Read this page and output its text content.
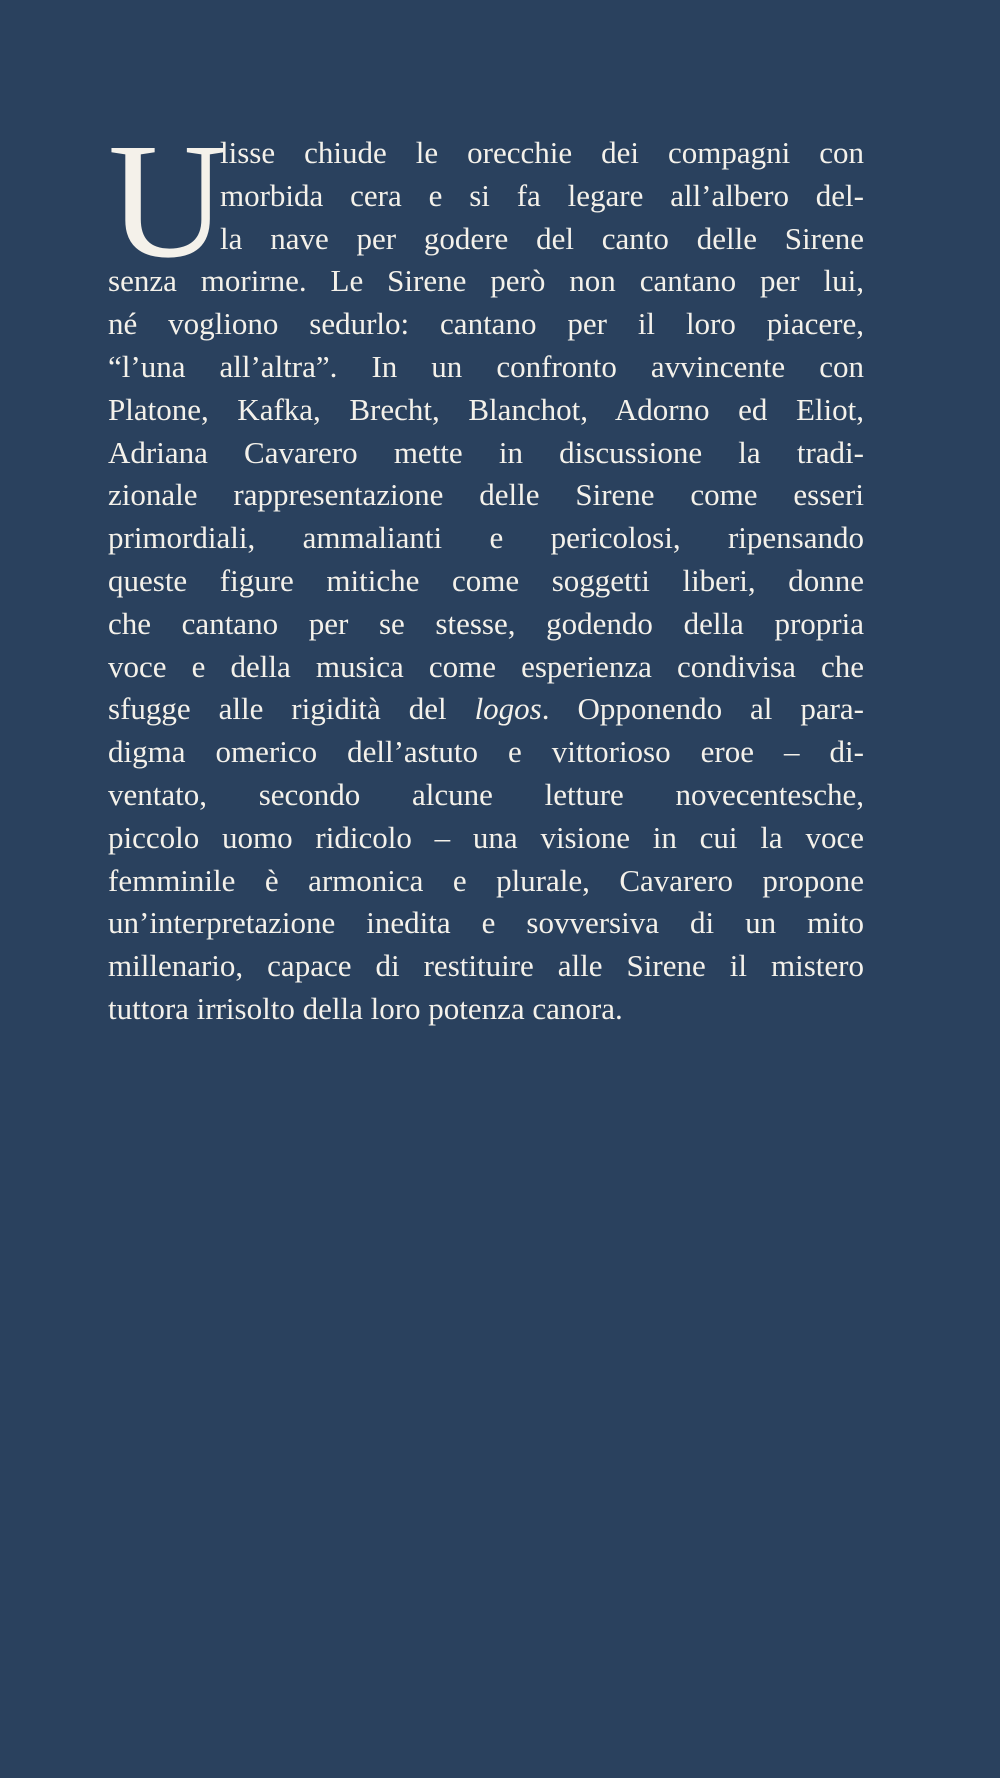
U
lisse chiude le orecchie dei compagni con
morbida cera e si fa legare all’albero del-
la nave per godere del canto delle Sirene
senza morirne. Le Sirene però non cantano per lui,
né vogliono sedurlo: cantano per il loro piacere,
“l’una all’altra”. In un confronto avvincente con
Platone, Kafka, Brecht, Blanchot, Adorno ed Eliot,
Adriana Cavarero mette in discussione la tradi-
zionale rappresentazione delle Sirene come esseri
primordiali, ammalianti e pericolosi, ripensando
queste figure mitiche come soggetti liberi, donne
che cantano per se stesse, godendo della propria
voce e della musica come esperienza condivisa che
sfugge alle rigidità del logos. Opponendo al para-
digma omerico dell’astuto e vittorioso eroe – di-
ventato, secondo alcune letture novecentesche,
piccolo uomo ridicolo – una visione in cui la voce
femminile è armonica e plurale, Cavarero propone
un’interpretazione inedita e sovversiva di un mito
millenario, capace di restituire alle Sirene il mistero
tuttora irrisolto della loro potenza canora.
